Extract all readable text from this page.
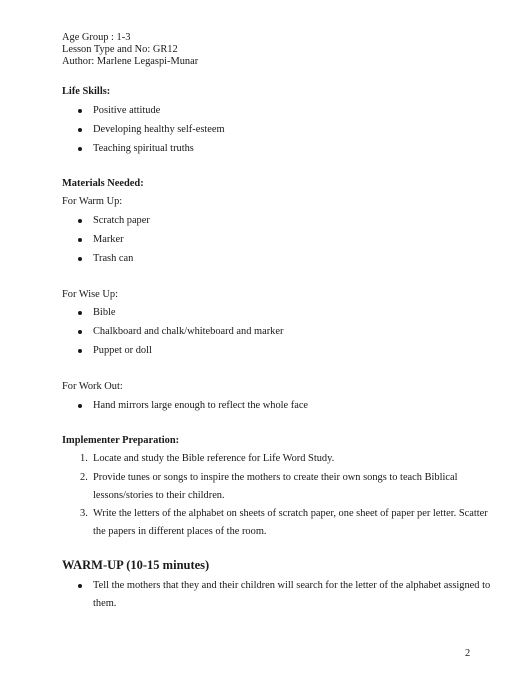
Age Group : 1-3
Lesson Type and No: GR12
Author: Marlene Legaspi-Munar
Life Skills:
Positive attitude
Developing healthy self-esteem
Teaching spiritual truths
Materials Needed:
For Warm Up:
Scratch paper
Marker
Trash can
For Wise Up:
Bible
Chalkboard and chalk/whiteboard and marker
Puppet or doll
For Work Out:
Hand mirrors large enough to reflect the whole face
Implementer Preparation:
1. Locate and study the Bible reference for Life Word Study.
2. Provide tunes or songs to inspire the mothers to create their own songs to teach Biblical lessons/stories to their children.
3. Write the letters of the alphabet on sheets of scratch paper, one sheet of paper per letter. Scatter the papers in different places of the room.
WARM-UP (10-15 minutes)
Tell the mothers that they and their children will search for the letter of the alphabet assigned to them.
2
